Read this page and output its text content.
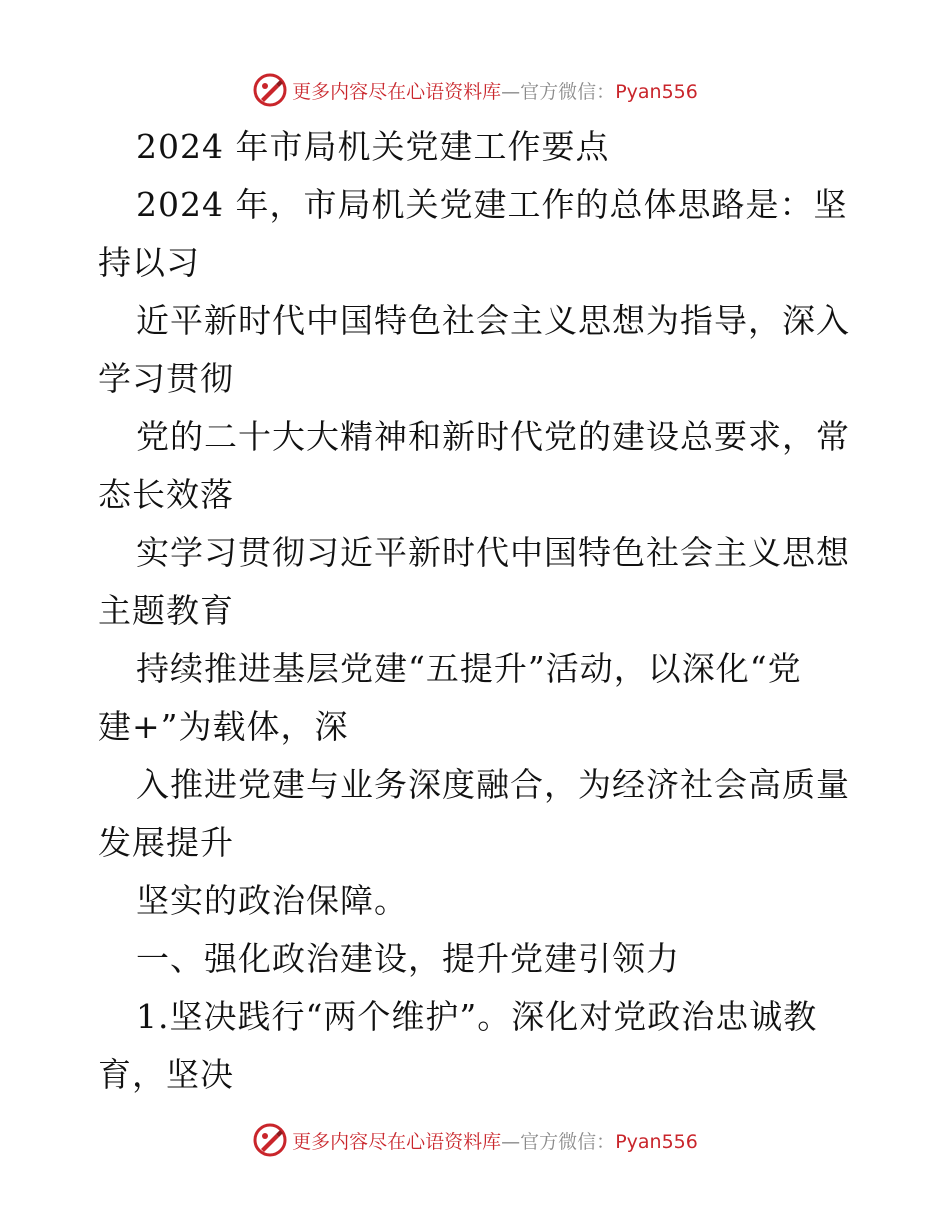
更多内容尽在心语资料库—官方微信：Pyan556
2024 年市局机关党建工作要点
2024 年，市局机关党建工作的总体思路是：坚
持以习
近平新时代中国特色社会主义思想为指导，深入
学习贯彻
党的二十大大精神和新时代党的建设总要求，常
态长效落
实学习贯彻习近平新时代中国特色社会主义思想
主题教育
持续推进基层党建“五提升”活动，以深化“党
建+”为载体，深
入推进党建与业务深度融合，为经济社会高质量
发展提升
坚实的政治保障。
一、强化政治建设，提升党建引领力
1.坚决践行“两个维护”。深化对党政治忠诚教
育，坚决
更多内容尽在心语资料库—官方微信：Pyan556
